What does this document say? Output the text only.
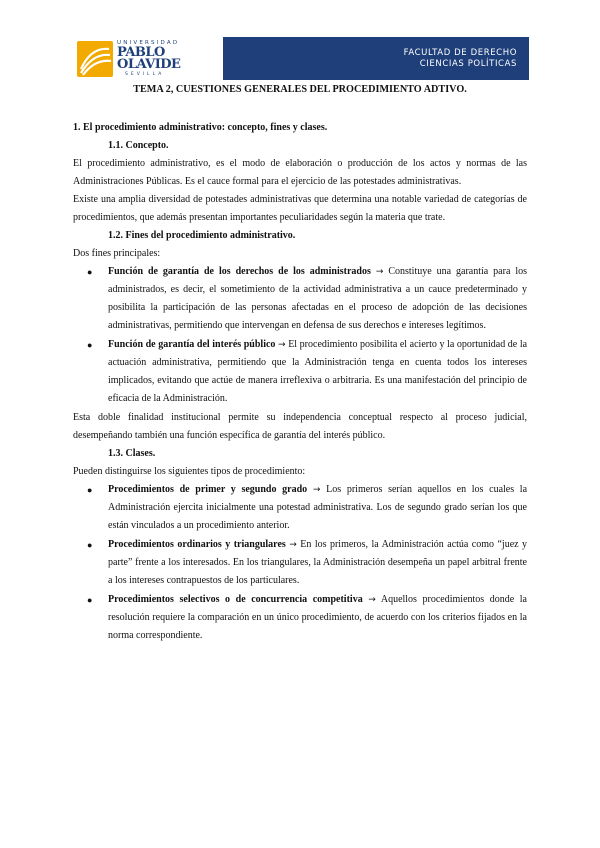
UNIVERSIDAD
PABLO
OLAVIDE
SEVILLA
FACULTAD DE DERECHO
CIENCIAS POLÍTICAS

TEMA 2, CUESTIONES GENERALES DEL PROCEDIMIENTO ADTIVO.

1. El procedimiento administrativo: concepto, fines y clases.

1.1. Concepto.

El procedimiento administrativo, es el modo de elaboración o producción de los actos y normas de las Administraciones Públicas. Es el cauce formal para el ejercicio de las potestades administrativas.

Existe una amplia diversidad de potestades administrativas que determina una notable variedad de categorías de procedimientos, que además presentan importantes peculiaridades según la materia que trate.

1.2. Fines del procedimiento administrativo.

Dos fines principales:

● Función de garantía de los derechos de los administrados → Constituye una garantía para los administrados, es decir, el sometimiento de la actividad administrativa a un cauce predeterminado y posibilita la participación de las personas afectadas en el proceso de adopción de las decisiones administrativas, permitiendo que intervengan en defensa de sus derechos e intereses legítimos.
● Función de garantía del interés público → El procedimiento posibilita el acierto y la oportunidad de la actuación administrativa, permitiendo que la Administración tenga en cuenta todos los intereses implicados, evitando que actúe de manera irreflexiva o arbitraria. Es una manifestación del principio de eficacia de la Administración.

Esta doble finalidad institucional permite su independencia conceptual respecto al proceso judicial, desempeñando también una función específica de garantía del interés público.

1.3. Clases.

Pueden distinguirse los siguientes tipos de procedimiento:

● Procedimientos de primer y segundo grado → Los primeros serían aquellos en los cuales la Administración ejercita inicialmente una potestad administrativa. Los de segundo grado serían los que están vinculados a un procedimiento anterior.
● Procedimientos ordinarios y triangulares → En los primeros, la Administración actúa como “juez y parte” frente a los interesados. En los triangulares, la Administración desempeña un papel arbitral frente a los intereses contrapuestos de los particulares.
● Procedimientos selectivos o de concurrencia competitiva → Aquellos procedimientos donde la resolución requiere la comparación en un único procedimiento, de acuerdo con los criterios fijados en la norma correspondiente.
